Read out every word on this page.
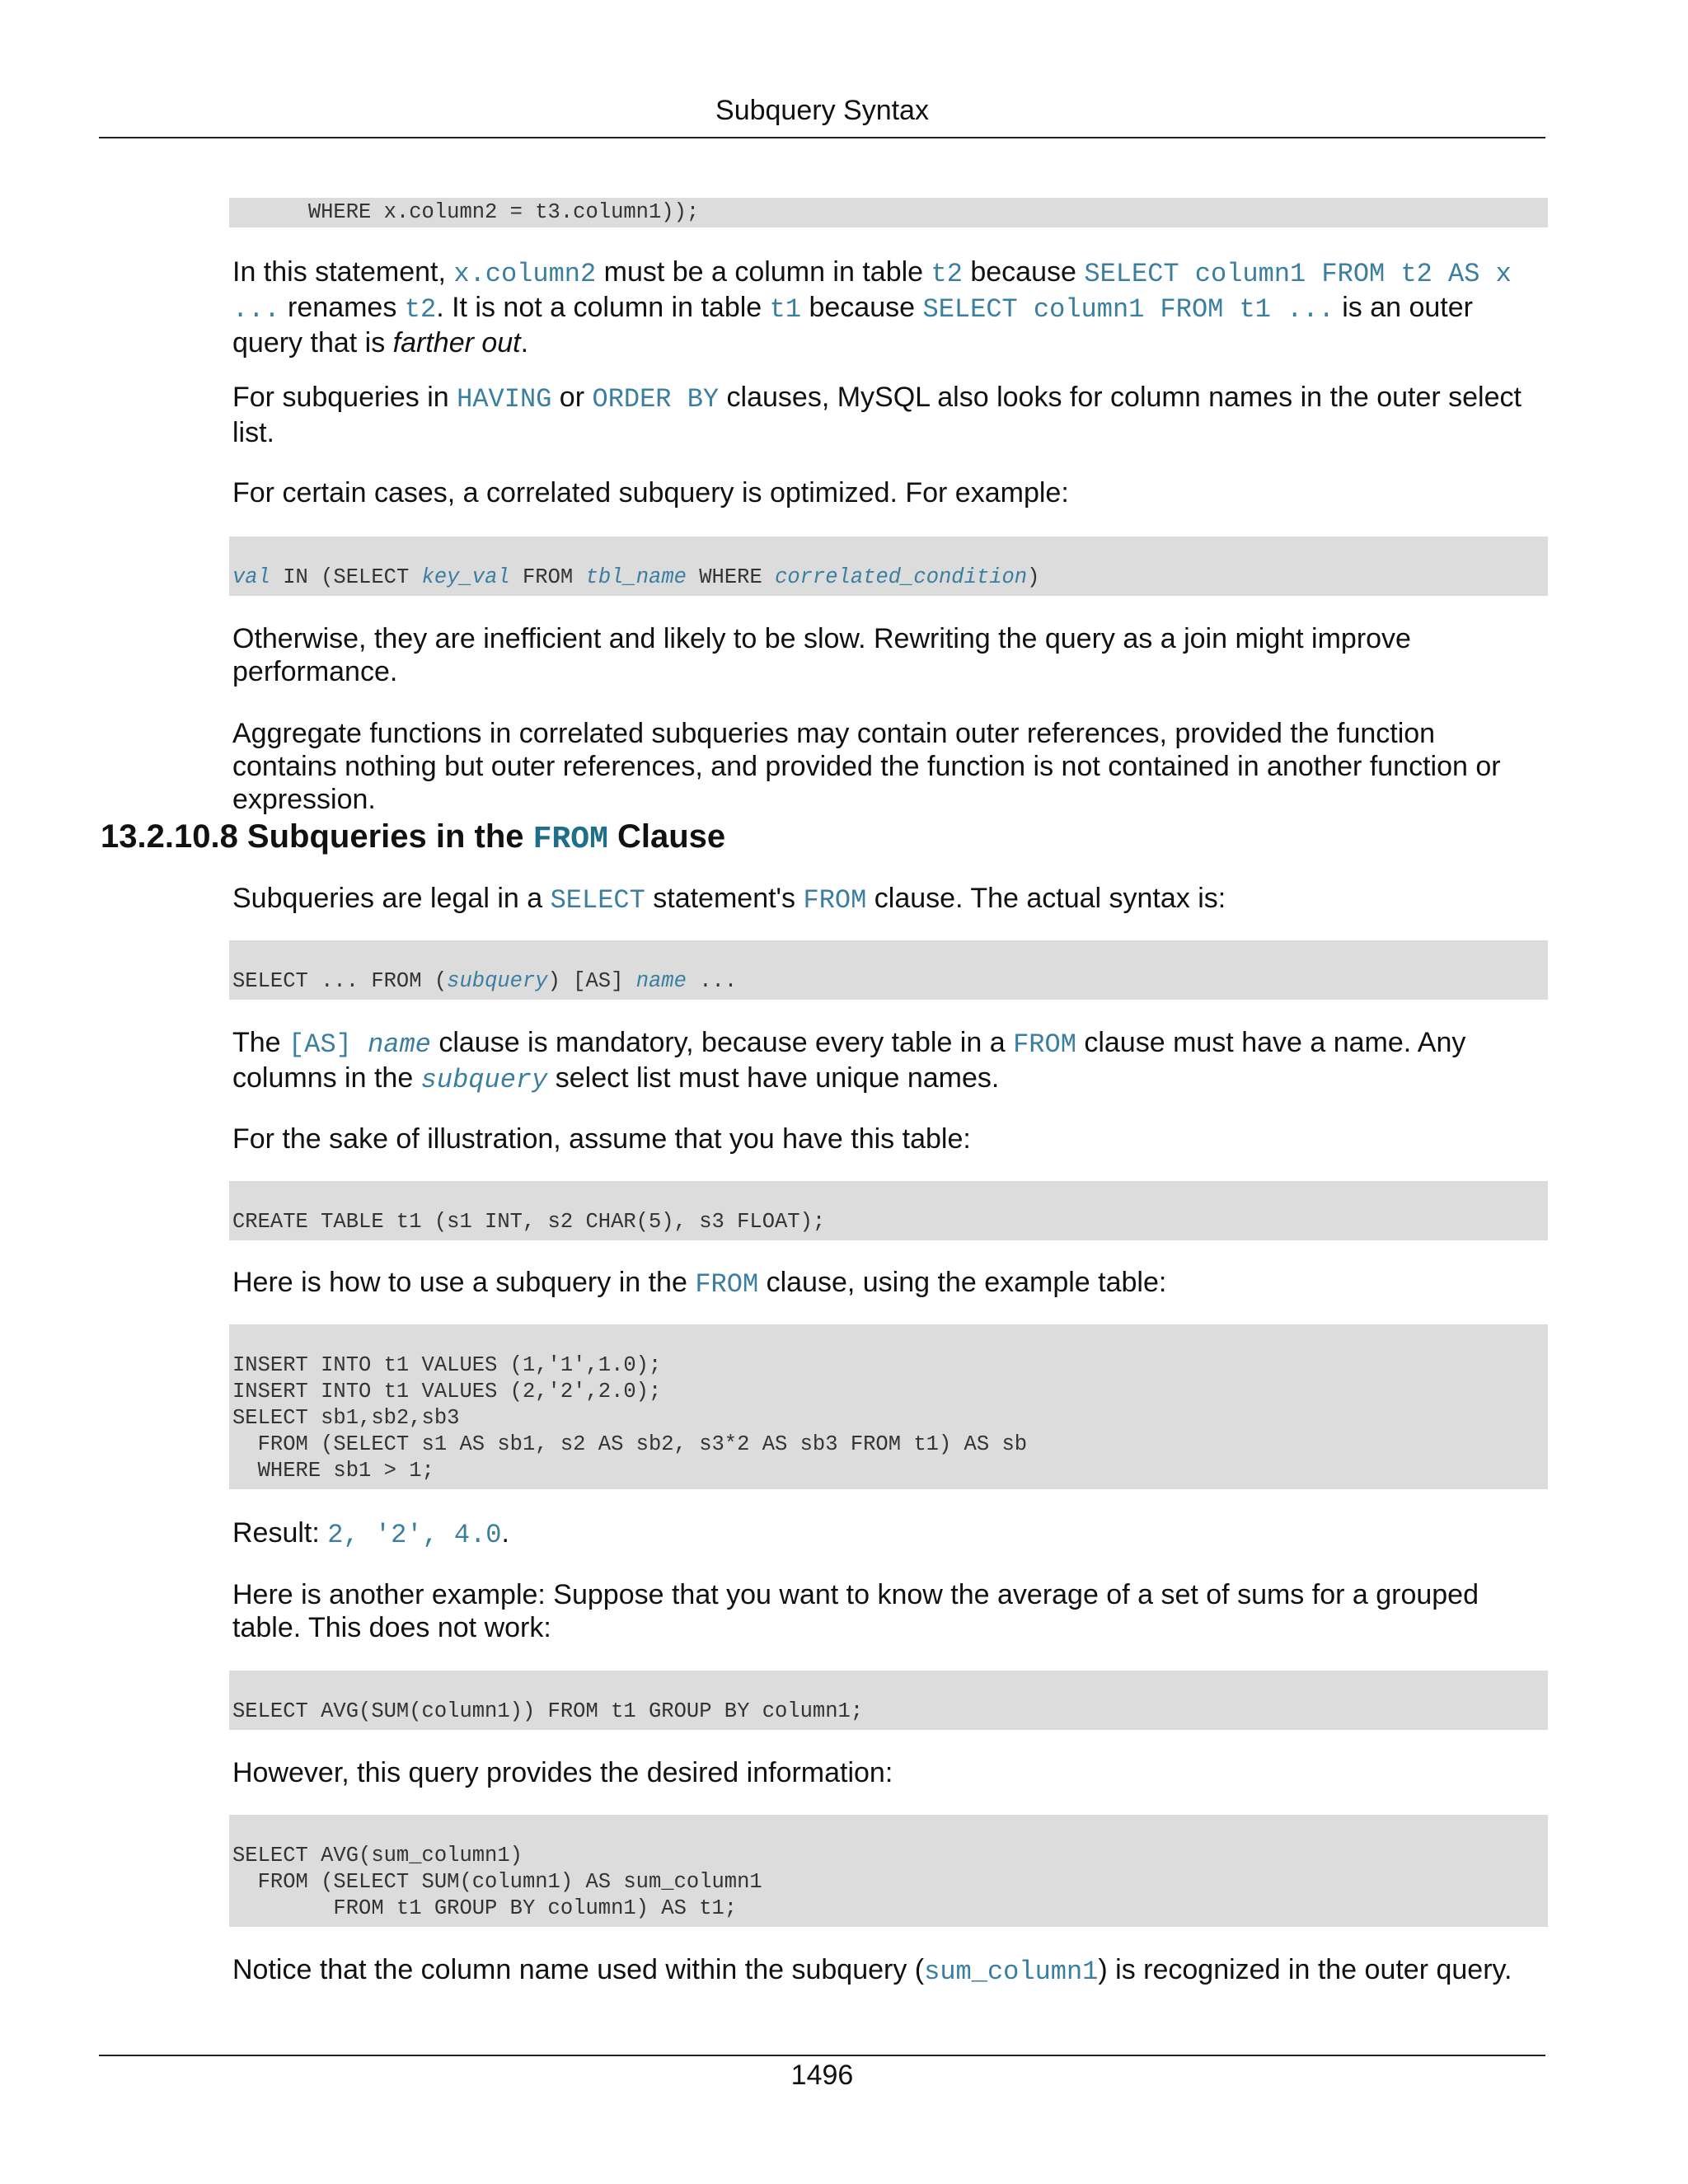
Subquery Syntax
WHERE x.column2 = t3.column1));

In this statement, x.column2 must be a column in table t2 because SELECT column1 FROM t2 AS x ... renames t2. It is not a column in table t1 because SELECT column1 FROM t1 ... is an outer query that is farther out.

For subqueries in HAVING or ORDER BY clauses, MySQL also looks for column names in the outer select list.

For certain cases, a correlated subquery is optimized. For example:

val IN (SELECT key_val FROM tbl_name WHERE correlated_condition)

Otherwise, they are inefficient and likely to be slow. Rewriting the query as a join might improve performance.

Aggregate functions in correlated subqueries may contain outer references, provided the function contains nothing but outer references, and provided the function is not contained in another function or expression.

13.2.10.8 Subqueries in the FROM Clause

Subqueries are legal in a SELECT statement's FROM clause. The actual syntax is:

SELECT ... FROM (subquery) [AS] name ...

The [AS] name clause is mandatory, because every table in a FROM clause must have a name. Any columns in the subquery select list must have unique names.

For the sake of illustration, assume that you have this table:

CREATE TABLE t1 (s1 INT, s2 CHAR(5), s3 FLOAT);

Here is how to use a subquery in the FROM clause, using the example table:

INSERT INTO t1 VALUES (1,'1',1.0);
INSERT INTO t1 VALUES (2,'2',2.0);
SELECT sb1,sb2,sb3
FROM (SELECT s1 AS sb1, s2 AS sb2, s3*2 AS sb3 FROM t1) AS sb
WHERE sb1 > 1;

Result: 2, '2', 4.0.

Here is another example: Suppose that you want to know the average of a set of sums for a grouped table. This does not work:

SELECT AVG(SUM(column1)) FROM t1 GROUP BY column1;

However, this query provides the desired information:

SELECT AVG(sum_column1)
FROM (SELECT SUM(column1) AS sum_column1
FROM t1 GROUP BY column1) AS t1;

Notice that the column name used within the subquery (sum_column1) is recognized in the outer query.

1496
